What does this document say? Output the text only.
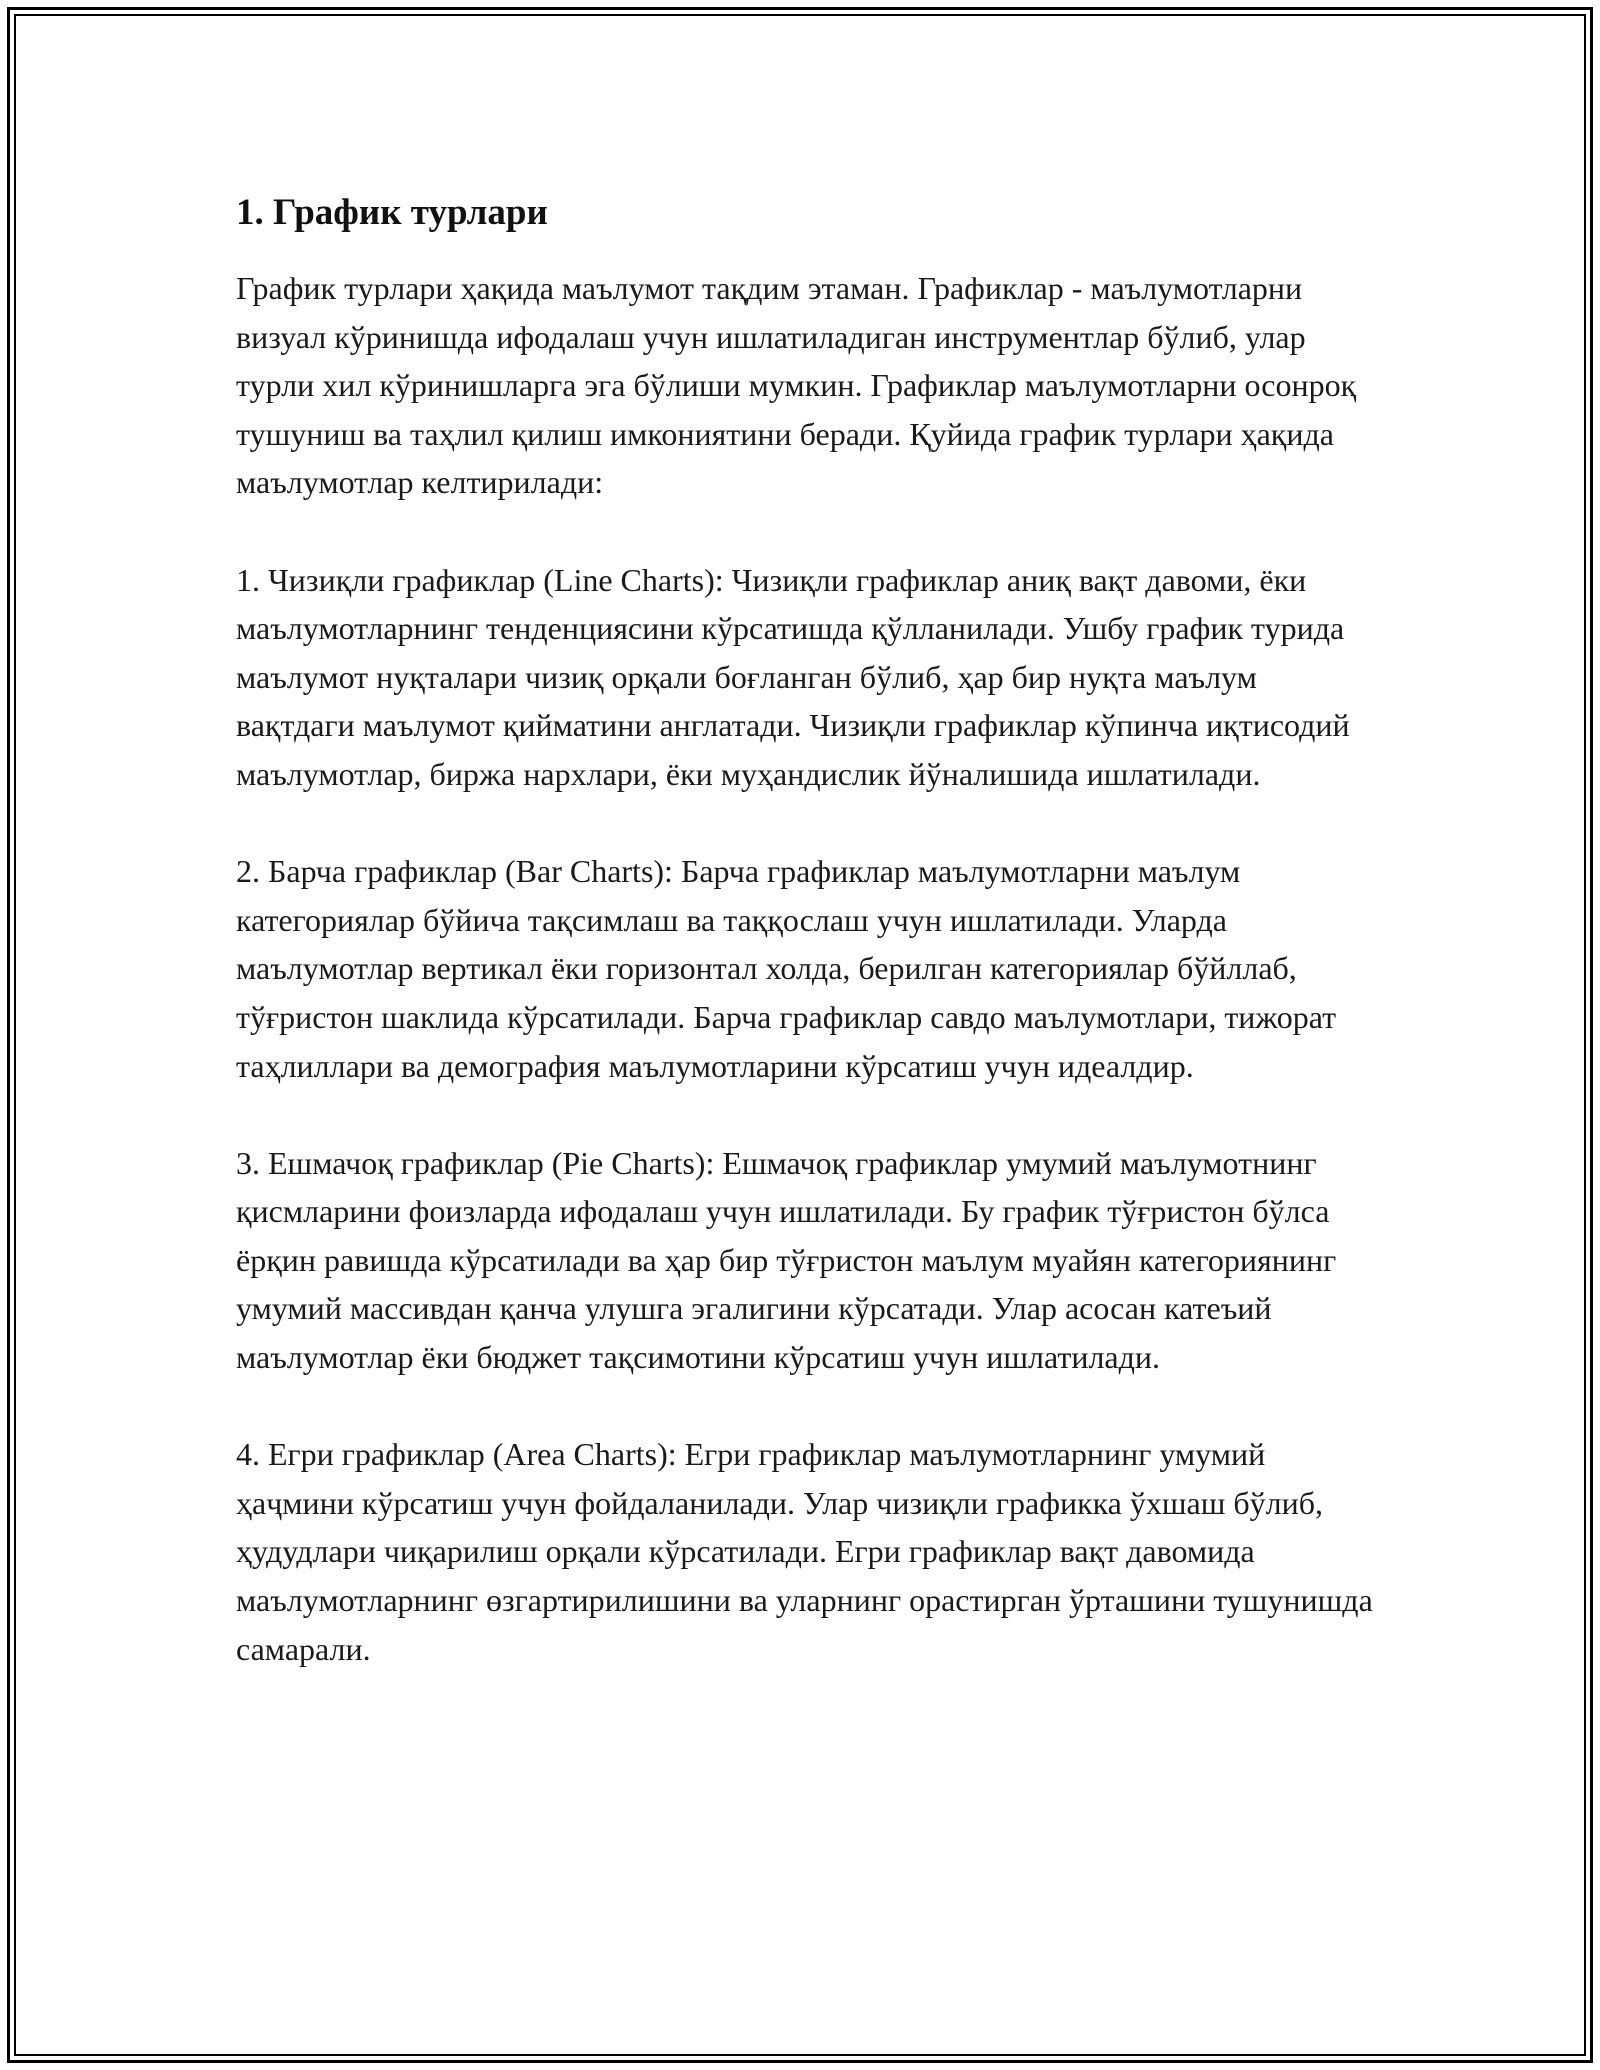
1. График турлари

График турлари ҳақида маълумот тақдим этаман. Графиклар - маълумотларни визуал кўринишда ифодалаш учун ишлатиладиган инструментлар бўлиб, улар турли хил кўринишларга эга бўлиши мумкин. Графиклар маълумотларни осонроқ тушуниш ва таҳлил қилиш имкониятини беради. Қуйида график турлари ҳақида маълумотлар келтирилади:

1. Чизиқли графиклар (Line Charts): Чизиқли графиклар аниқ вақт давоми, ёки маълумотларнинг тенденциясини кўрсатишда қўлланилади. Ушбу график турида маълумот нуқталари чизиқ орқали боғланган бўлиб, ҳар бир нуқта маълум вақтдаги маълумот қийматини англатади. Чизиқли графиклар кўпинча иқтисодий маълумотлар, биржа нархлари, ёки муҳандислик йўналишида ишлатилади.

2. Барча графиклар (Bar Charts): Барча графиклар маълумотларни маълум категориялар бўйича тақсимлаш ва таққослаш учун ишлатилади. Уларда маълумотлар вертикал ёки горизонтал холда, берилган категориялар бўйллаб, тўғристон шаклида кўрсатилади. Барча графиклар савдо маълумотлари, тижорат таҳлиллари ва демография маълумотларини кўрсатиш учун идеалдир.

3. Ешмачоқ графиклар (Pie Charts): Ешмачоқ графиклар умумий маълумотнинг қисмларини фоизларда ифодалаш учун ишлатилади. Бу график тўғристон бўлса ёрқин равишда кўрсатилади ва ҳар бир тўғристон маълум муайян категориянинг умумий массивдан қанча улушга эгалигини кўрсатади. Улар асосан катеъий маълумотлар ёки бюджет тақсимотини кўрсатиш учун ишлатилади.

4. Егри графиклар (Area Charts): Егри графиклар маълумотларнинг умумий ҳаҷмини кўрсатиш учун фойдаланилади. Улар чизиқли графикка ўхшаш бўлиб, ҳудудлари чиқарилиш орқали кўрсатилади. Егри графиклар вақт давомида маълумотларнинг өзгартирилишини ва уларнинг орастирган ўрташини тушунишда самарали.
